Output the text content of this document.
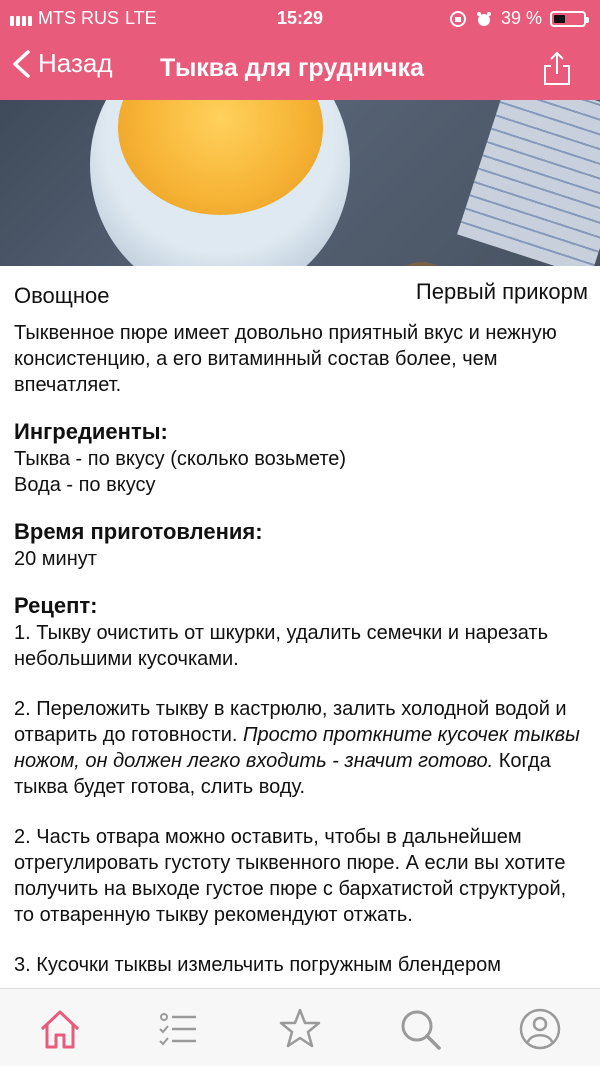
MTS RUS LTE	15:29	39 %
Назад Тыква для грудничка
Овощное	Первый прикорм
Тыквенное пюре имеет довольно приятный вкус и нежную консистенцию, а его витаминный состав более, чем впечатляет.
Ингредиенты:
Тыква - по вкусу (сколько возьмете)
Вода - по вкусу
Время приготовления:
20 минут
Рецепт:
1. Тыкву очистить от шкурки, удалить семечки и нарезать небольшими кусочками.
2. Переложить тыкву в кастрюлю, залить холодной водой и отварить до готовности. Просто проткните кусочек тыквы ножом, он должен легко входить - значит готово. Когда тыква будет готова, слить воду.
2. Часть отвара можно оставить, чтобы в дальнейшем отрегулировать густоту тыквенного пюре. А если вы хотите получить на выходе густое пюре с бархатистой структурой, то отваренную тыкву рекомендуют отжать.
3. Кусочки тыквы измельчить погружным блендером
